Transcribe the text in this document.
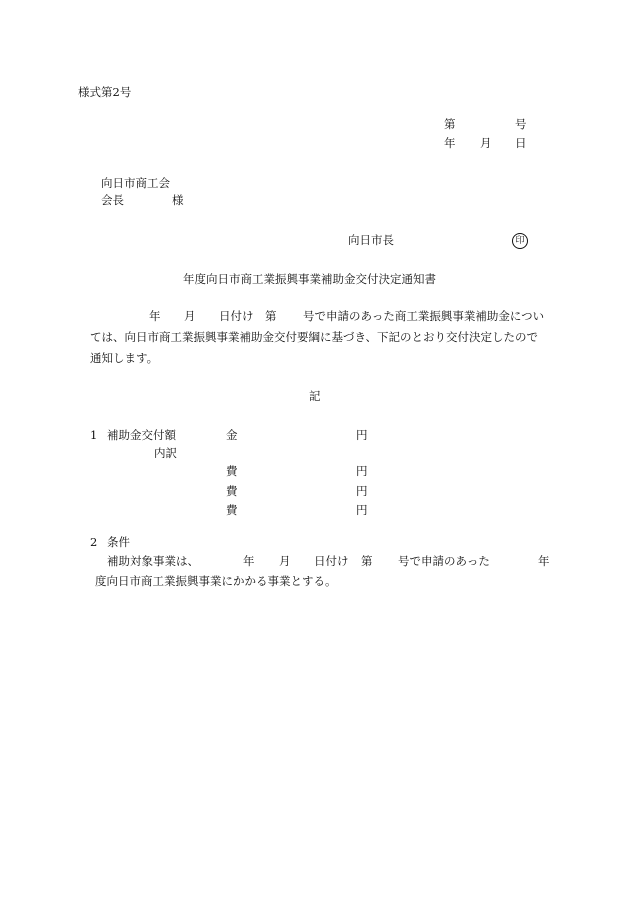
様式第2号
第	号
年 月 日
向日市商工会
会長	様
向日市長	印
年度向日市商工業振興事業補助金交付決定通知書
年 月 日付け 第 号で申請のあった商工業振興事業補助金につい
ては、向日市商工業振興事業補助金交付要綱に基づき、下記のとおり交付決定したので
通知します。
記
1 補助金交付額	金	円
内訳
費	円
費	円
費	円
2 条件
補助対象事業は、	年 月 日付け 第 号で申請のあった	年
度向日市商工業振興事業にかかる事業とする。
